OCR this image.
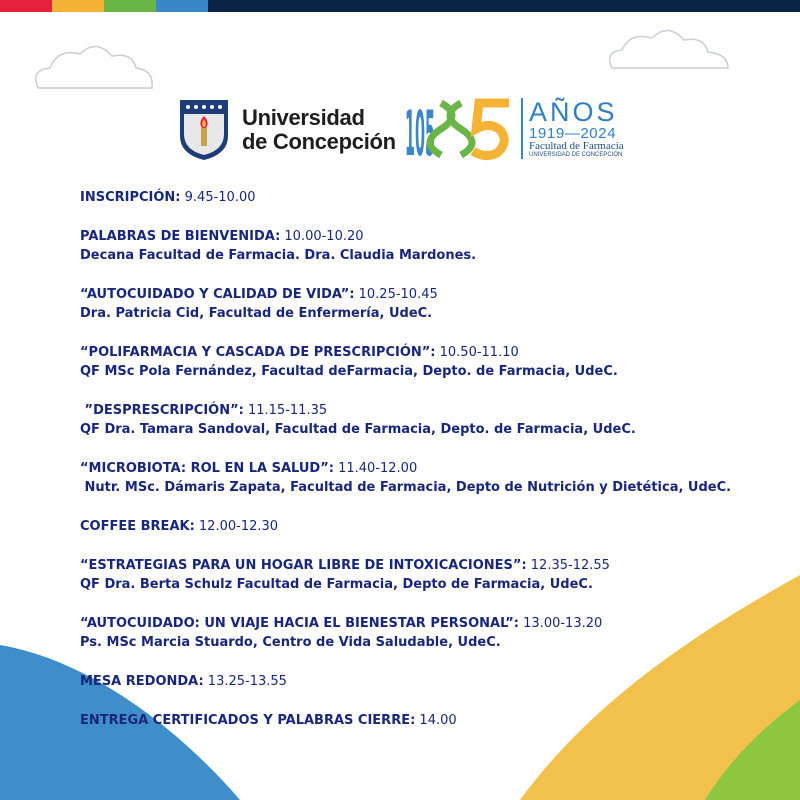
Universidad
de Concepción 105	AÑOS
1919—2024
Facultad de Farmacia
UNIVERSIDAD DE CONCEPCIÓN
INSCRIPCIÓN: 9.45-10.00
PALABRAS DE BIENVENIDA: 10.00-10.20
Decana Facultad de Farmacia. Dra. Claudia Mardones.
“AUTOCUIDADO Y CALIDAD DE VIDA”: 10.25-10.45
Dra. Patricia Cid, Facultad de Enfermería, UdeC.
“POLIFARMACIA Y CASCADA DE PRESCRIPCIÓN”: 10.50-11.10
QF MSc Pola Fernández, Facultad deFarmacia, Depto. de Farmacia, UdeC.
”DESPRESCRIPCIÓN”: 11.15-11.35
QF Dra. Tamara Sandoval, Facultad de Farmacia, Depto. de Farmacia, UdeC.
“MICROBIOTA: ROL EN LA SALUD”: 11.40-12.00
Nutr. MSc. Dámaris Zapata, Facultad de Farmacia, Depto de Nutrición y Dietética, UdeC.
COFFEE BREAK: 12.00-12.30
“ESTRATEGIAS PARA UN HOGAR LIBRE DE INTOXICACIONES”: 12.35-12.55
QF Dra. Berta Schulz Facultad de Farmacia, Depto de Farmacia, UdeC.
“AUTOCUIDADO: UN VIAJE HACIA EL BIENESTAR PERSONAL”: 13.00-13.20
Ps. MSc Marcia Stuardo, Centro de Vida Saludable, UdeC.
MESA REDONDA: 13.25-13.55
ENTREGA CERTIFICADOS Y PALABRAS CIERRE: 14.00
